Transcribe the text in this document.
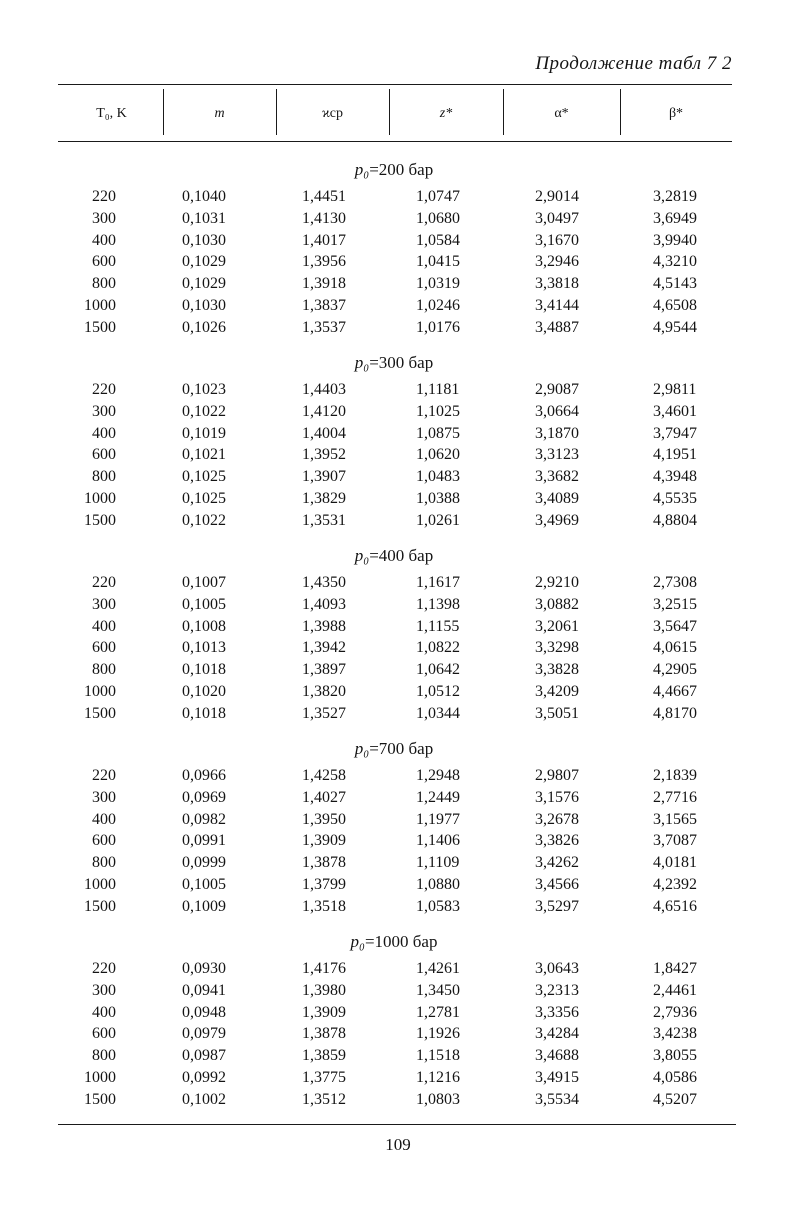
Продолжение табл 7 2
T₀, K	m	ϰср	z*	α*	β*
p₀=200 бар
220	0,1040	1,4451	1,0747	2,9014	3,2819
300	0,1031	1,4130	1,0680	3,0497	3,6949
400	0,1030	1,4017	1,0584	3,1670	3,9940
600	0,1029	1,3956	1,0415	3,2946	4,3210
800	0,1029	1,3918	1,0319	3,3818	4,5143
1000	0,1030	1,3837	1,0246	3,4144	4,6508
1500	0,1026	1,3537	1,0176	3,4887	4,9544
p₀=300 бар
220	0,1023	1,4403	1,1181	2,9087	2,9811
300	0,1022	1,4120	1,1025	3,0664	3,4601
400	0,1019	1,4004	1,0875	3,1870	3,7947
600	0,1021	1,3952	1,0620	3,3123	4,1951
800	0,1025	1,3907	1,0483	3,3682	4,3948
1000	0,1025	1,3829	1,0388	3,4089	4,5535
1500	0,1022	1,3531	1,0261	3,4969	4,8804
p₀=400 бар
220	0,1007	1,4350	1,1617	2,9210	2,7308
300	0,1005	1,4093	1,1398	3,0882	3,2515
400	0,1008	1,3988	1,1155	3,2061	3,5647
600	0,1013	1,3942	1,0822	3,3298	4,0615
800	0,1018	1,3897	1,0642	3,3828	4,2905
1000	0,1020	1,3820	1,0512	3,4209	4,4667
1500	0,1018	1,3527	1,0344	3,5051	4,8170
p₀=700 бар
220	0,0966	1,4258	1,2948	2,9807	2,1839
300	0,0969	1,4027	1,2449	3,1576	2,7716
400	0,0982	1,3950	1,1977	3,2678	3,1565
600	0,0991	1,3909	1,1406	3,3826	3,7087
800	0,0999	1,3878	1,1109	3,4262	4,0181
1000	0,1005	1,3799	1,0880	3,4566	4,2392
1500	0,1009	1,3518	1,0583	3,5297	4,6516
p₀=1000 бар
220	0,0930	1,4176	1,4261	3,0643	1,8427
300	0,0941	1,3980	1,3450	3,2313	2,4461
400	0,0948	1,3909	1,2781	3,3356	2,7936
600	0,0979	1,3878	1,1926	3,4284	3,4238
800	0,0987	1,3859	1,1518	3,4688	3,8055
1000	0,0992	1,3775	1,1216	3,4915	4,0586
1500	0,1002	1,3512	1,0803	3,5534	4,5207
109
